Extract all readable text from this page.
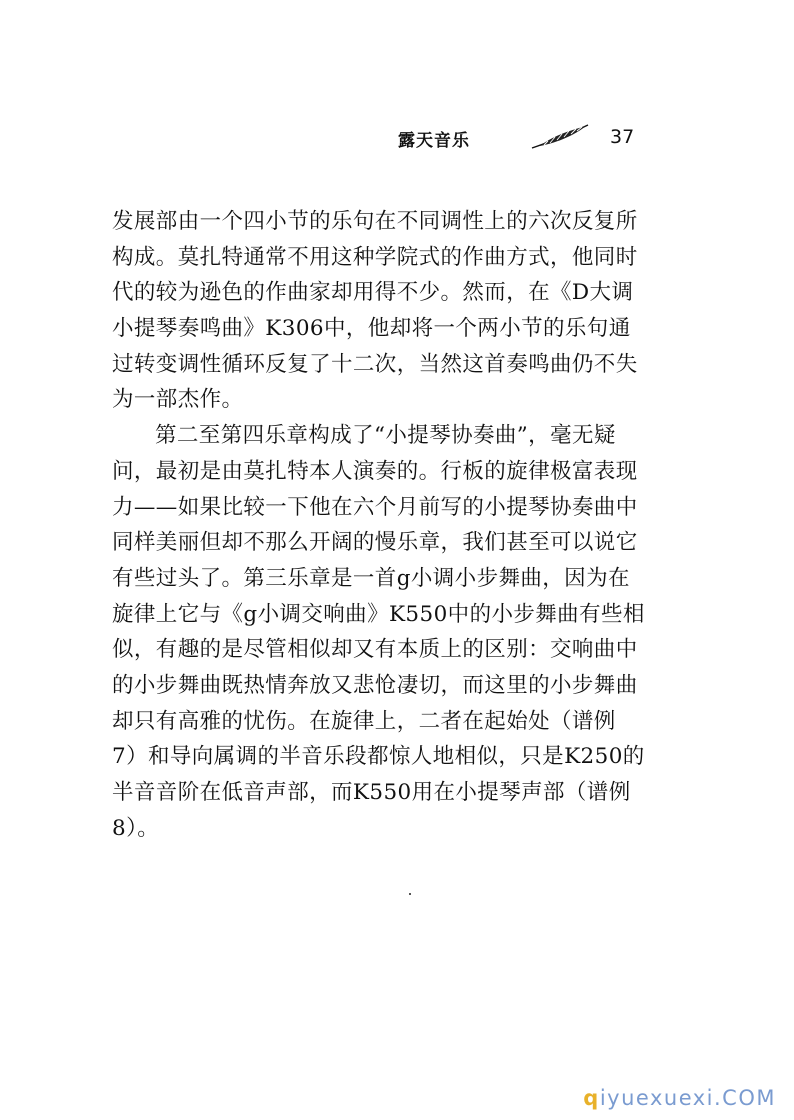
露天音乐	37
发展部由一个四小节的乐句在不同调性上的六次反复所
构成。莫扎特通常不用这种学院式的作曲方式，他同时
代的较为逊色的作曲家却用得不少。然而，在《D大调
小提琴奏鸣曲》K306中，他却将一个两小节的乐句通
过转变调性循环反复了十二次，当然这首奏鸣曲仍不失
为一部杰作。
第二至第四乐章构成了“小提琴协奏曲”，毫无疑
问，最初是由莫扎特本人演奏的。行板的旋律极富表现
力——如果比较一下他在六个月前写的小提琴协奏曲中
同样美丽但却不那么开阔的慢乐章，我们甚至可以说它
有些过头了。第三乐章是一首g小调小步舞曲，因为在
旋律上它与《g小调交响曲》K550中的小步舞曲有些相
似，有趣的是尽管相似却又有本质上的区别：交响曲中
的小步舞曲既热情奔放又悲怆凄切，而这里的小步舞曲
却只有高雅的忧伤。在旋律上，二者在起始处（谱例
7）和导向属调的半音乐段都惊人地相似，只是K250的
半音音阶在低音声部，而K550用在小提琴声部（谱例
8）。
qiyuexuexi.COM
